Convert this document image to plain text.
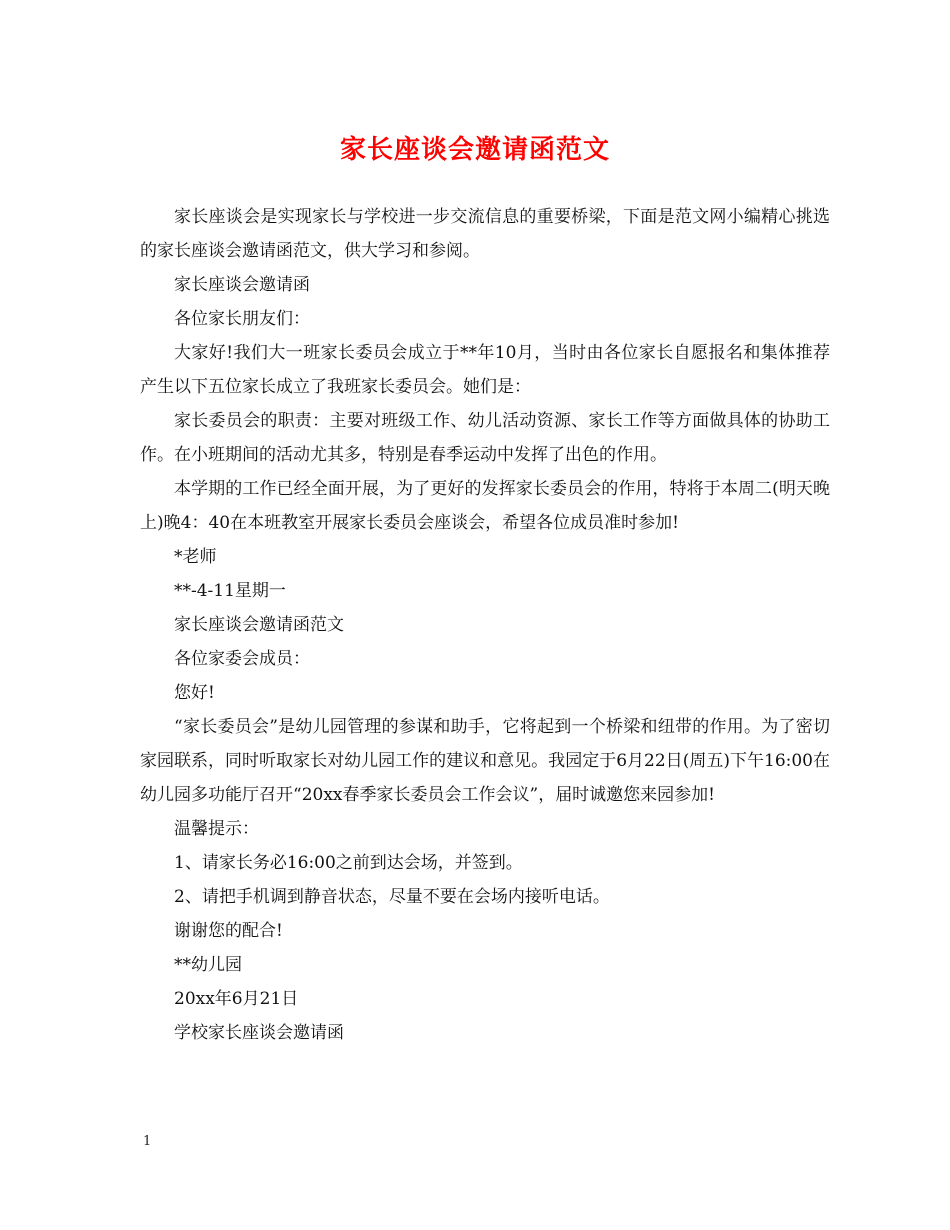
家长座谈会邀请函范文

家长座谈会是实现家长与学校进一步交流信息的重要桥梁，下面是范文网小编精心挑选的家长座谈会邀请函范文，供大学习和参阅。

家长座谈会邀请函

各位家长朋友们：

大家好!我们大一班家长委员会成立于**年10月，当时由各位家长自愿报名和集体推荐产生以下五位家长成立了我班家长委员会。她们是：

家长委员会的职责：主要对班级工作、幼儿活动资源、家长工作等方面做具体的协助工作。在小班期间的活动尤其多，特别是春季运动中发挥了出色的作用。

本学期的工作已经全面开展，为了更好的发挥家长委员会的作用，特将于本周二(明天晚上)晚4：40在本班教室开展家长委员会座谈会，希望各位成员准时参加!

*老师

**-4-11星期一

家长座谈会邀请函范文

各位家委会成员：

您好!

“家长委员会”是幼儿园管理的参谋和助手，它将起到一个桥梁和纽带的作用。为了密切家园联系，同时听取家长对幼儿园工作的建议和意见。我园定于6月22日(周五)下午16:00在幼儿园多功能厅召开“20xx春季家长委员会工作会议”，届时诚邀您来园参加!

温馨提示：

1、请家长务必16:00之前到达会场，并签到。

2、请把手机调到静音状态，尽量不要在会场内接听电话。

谢谢您的配合!

**幼儿园

20xx年6月21日

学校家长座谈会邀请函

1
